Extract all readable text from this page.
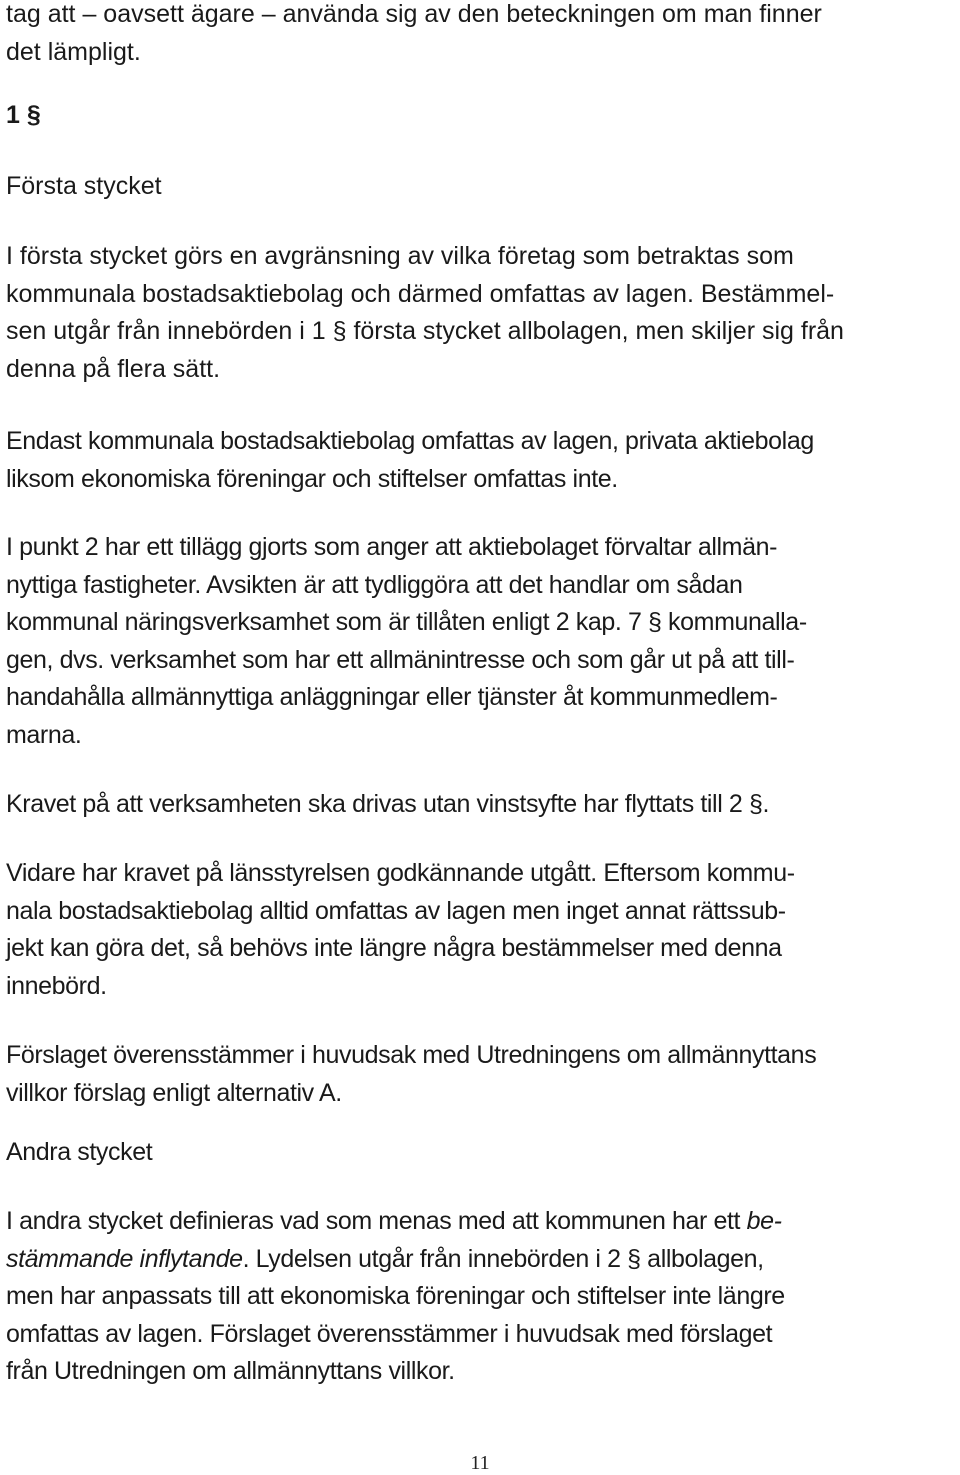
tag att – oavsett ägare – använda sig av den beteckningen om man finner
det lämpligt.
1 §
Första stycket
I första stycket görs en avgränsning av vilka företag som betraktas som
kommunala bostadsaktiebolag och därmed omfattas av lagen. Bestämmel-
sen utgår från innebörden i 1 § första stycket allbolagen, men skiljer sig från
denna på flera sätt.
Endast kommunala bostadsaktiebolag omfattas av lagen, privata aktiebolag
liksom ekonomiska föreningar och stiftelser omfattas inte.
I punkt 2 har ett tillägg gjorts som anger att aktiebolaget förvaltar allmän-
nyttiga fastigheter. Avsikten är att tydliggöra att det handlar om sådan
kommunal näringsverksamhet som är tillåten enligt 2 kap. 7 § kommunalla-
gen, dvs. verksamhet som har ett allmänintresse och som går ut på att till-
handahålla allmännyttiga anläggningar eller tjänster åt kommunmedlem-
marna.
Kravet på att verksamheten ska drivas utan vinstsyfte har flyttats till 2 §.
Vidare har kravet på länsstyrelsen godkännande utgått. Eftersom kommu-
nala bostadsaktiebolag alltid omfattas av lagen men inget annat rättssub-
jekt kan göra det, så behövs inte längre några bestämmelser med denna
innebörd.
Förslaget överensstämmer i huvudsak med Utredningens om allmännyttans
villkor förslag enligt alternativ A.
Andra stycket
I andra stycket definieras vad som menas med att kommunen har ett be-
stämmande inflytande. Lydelsen utgår från innebörden i 2 § allbolagen,
men har anpassats till att ekonomiska föreningar och stiftelser inte längre
omfattas av lagen. Förslaget överensstämmer i huvudsak med förslaget
från Utredningen om allmännyttans villkor.
11
